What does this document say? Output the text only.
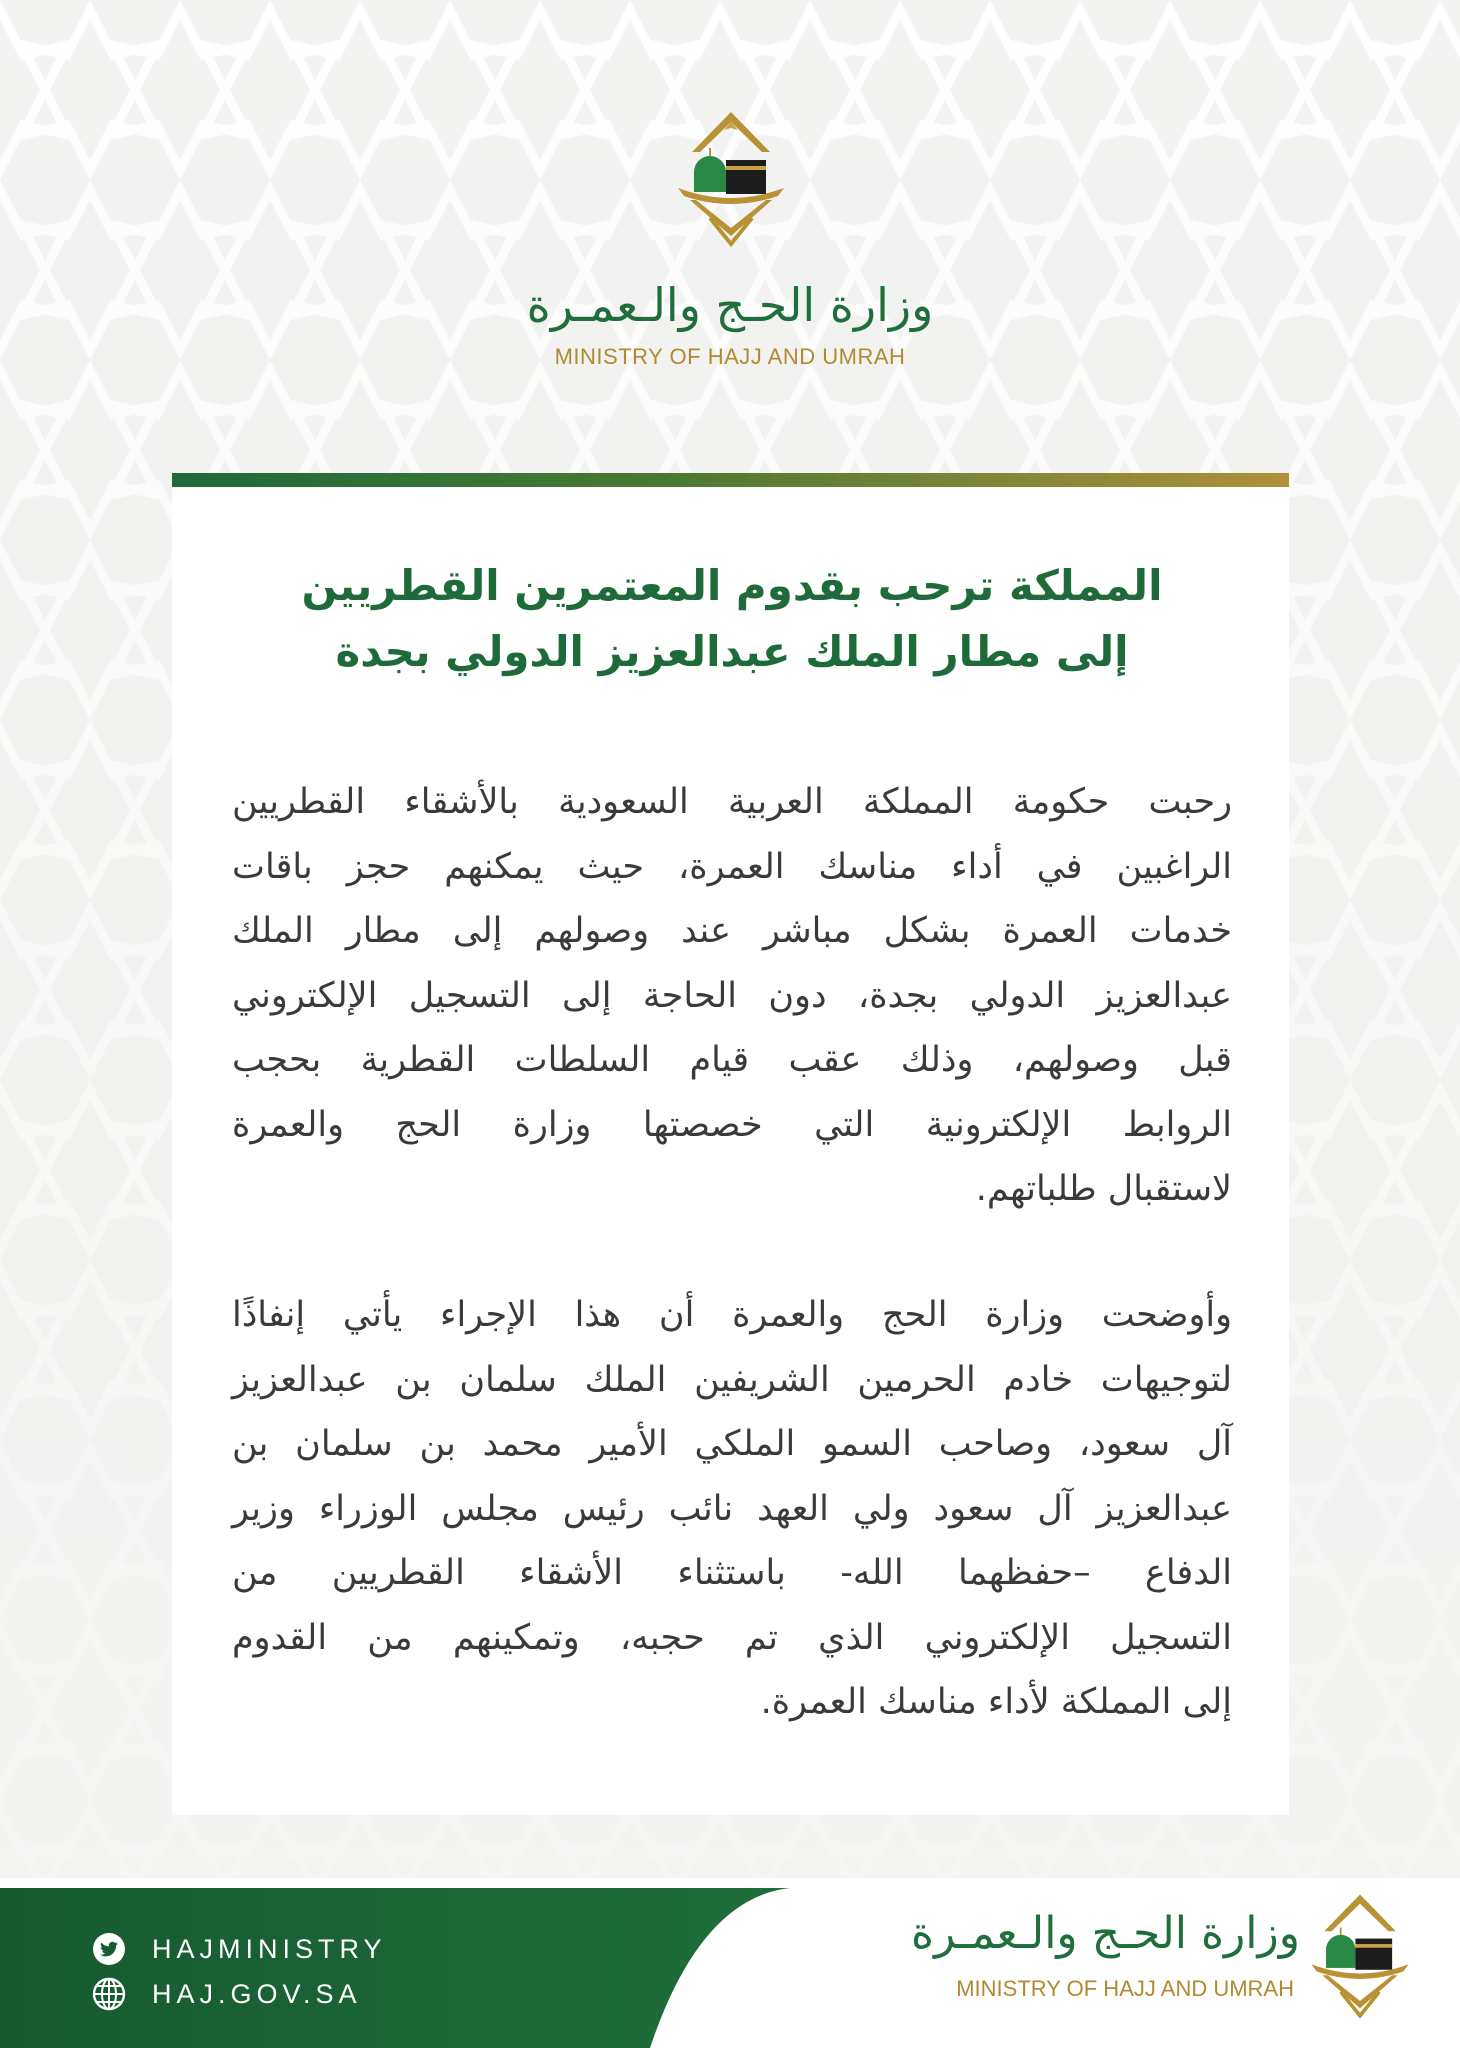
وزارة الحـج والـعمـرة
MINISTRY OF HAJJ AND UMRAH
المملكة ترحب بقدوم المعتمرين القطريين
إلى مطار الملك عبدالعزيز الدولي بجدة
رحبت حكومة المملكة العربية السعودية بالأشقاء القطريين
الراغبين في أداء مناسك العمرة، حيث يمكنهم حجز باقات
خدمات العمرة بشكل مباشر عند وصولهم إلى مطار الملك
عبدالعزيز الدولي بجدة، دون الحاجة إلى التسجيل الإلكتروني
قبل وصولهم، وذلك عقب قيام السلطات القطرية بحجب
الروابط الإلكترونية التي خصصتها وزارة الحج والعمرة
لاستقبال طلباتهم.
وأوضحت وزارة الحج والعمرة أن هذا الإجراء يأتي إنفاذًا
لتوجيهات خادم الحرمين الشريفين الملك سلمان بن عبدالعزيز
آل سعود، وصاحب السمو الملكي الأمير محمد بن سلمان بن
عبدالعزيز آل سعود ولي العهد نائب رئيس مجلس الوزراء وزير
الدفاع –حفظهما الله- باستثناء الأشقاء القطريين من
التسجيل الإلكتروني الذي تم حجبه، وتمكينهم من القدوم
إلى المملكة لأداء مناسك العمرة.
HAJMINISTRY
HAJ.GOV.SA
وزارة الحـج والـعمـرة
MINISTRY OF HAJJ AND UMRAH
